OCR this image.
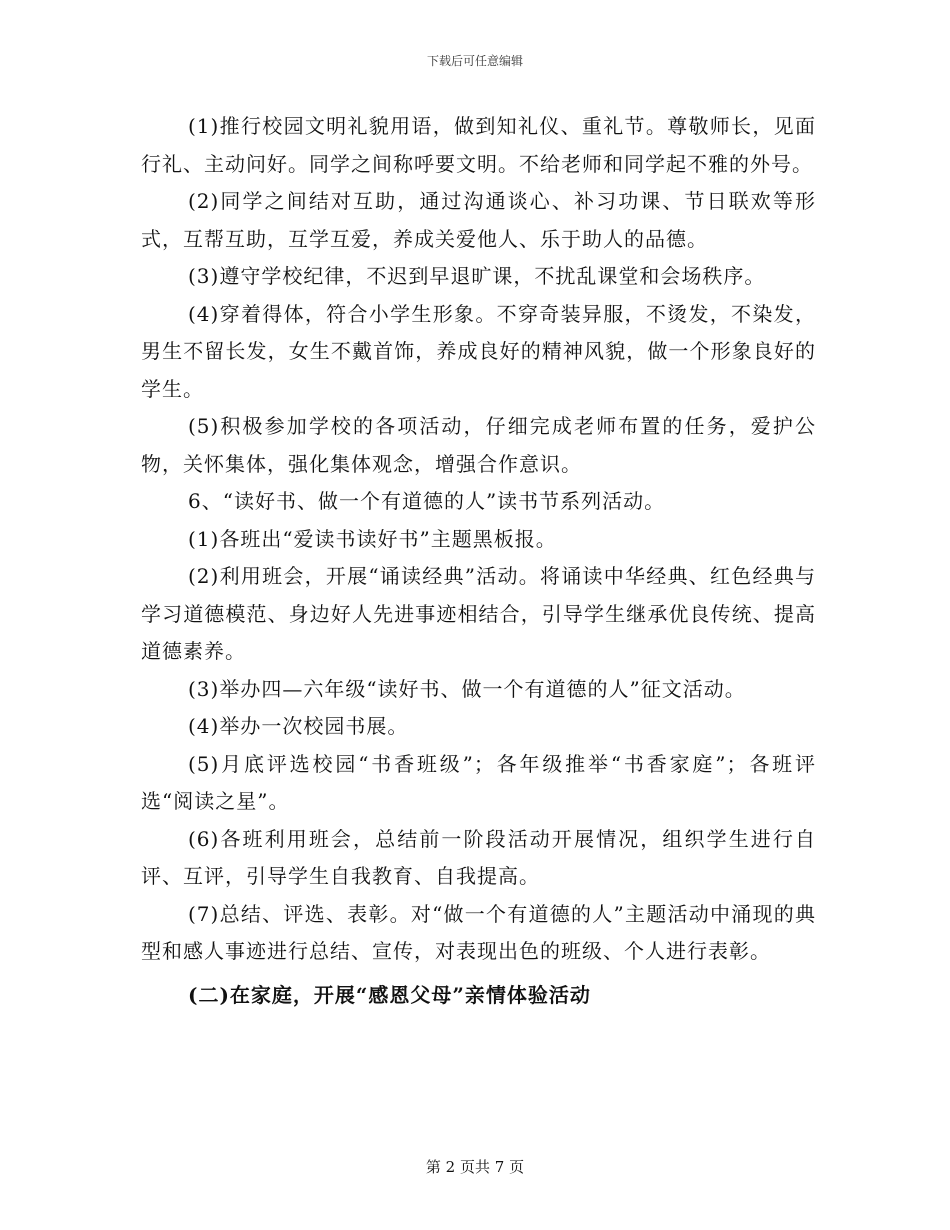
下载后可任意编辑

(1)推行校园文明礼貌用语，做到知礼仪、重礼节。尊敬师长，见面行礼、主动问好。同学之间称呼要文明。不给老师和同学起不雅的外号。

(2)同学之间结对互助，通过沟通谈心、补习功课、节日联欢等形式，互帮互助，互学互爱，养成关爱他人、乐于助人的品德。

(3)遵守学校纪律，不迟到早退旷课，不扰乱课堂和会场秩序。

(4)穿着得体，符合小学生形象。不穿奇装异服，不烫发，不染发，男生不留长发，女生不戴首饰，养成良好的精神风貌，做一个形象良好的学生。

(5)积极参加学校的各项活动，仔细完成老师布置的任务，爱护公物，关怀集体，强化集体观念，增强合作意识。

6、“读好书、做一个有道德的人”读书节系列活动。

(1)各班出“爱读书读好书”主题黑板报。

(2)利用班会，开展“诵读经典”活动。将诵读中华经典、红色经典与学习道德模范、身边好人先进事迹相结合，引导学生继承优良传统、提高道德素养。

(3)举办四—六年级“读好书、做一个有道德的人”征文活动。

(4)举办一次校园书展。

(5)月底评选校园“书香班级”；各年级推举“书香家庭”；各班评选“阅读之星”。

(6)各班利用班会，总结前一阶段活动开展情况，组织学生进行自评、互评，引导学生自我教育、自我提高。

(7)总结、评选、表彰。对“做一个有道德的人”主题活动中涌现的典型和感人事迹进行总结、宣传，对表现出色的班级、个人进行表彰。

(二)在家庭，开展“感恩父母”亲情体验活动

第 2 页共 7 页
